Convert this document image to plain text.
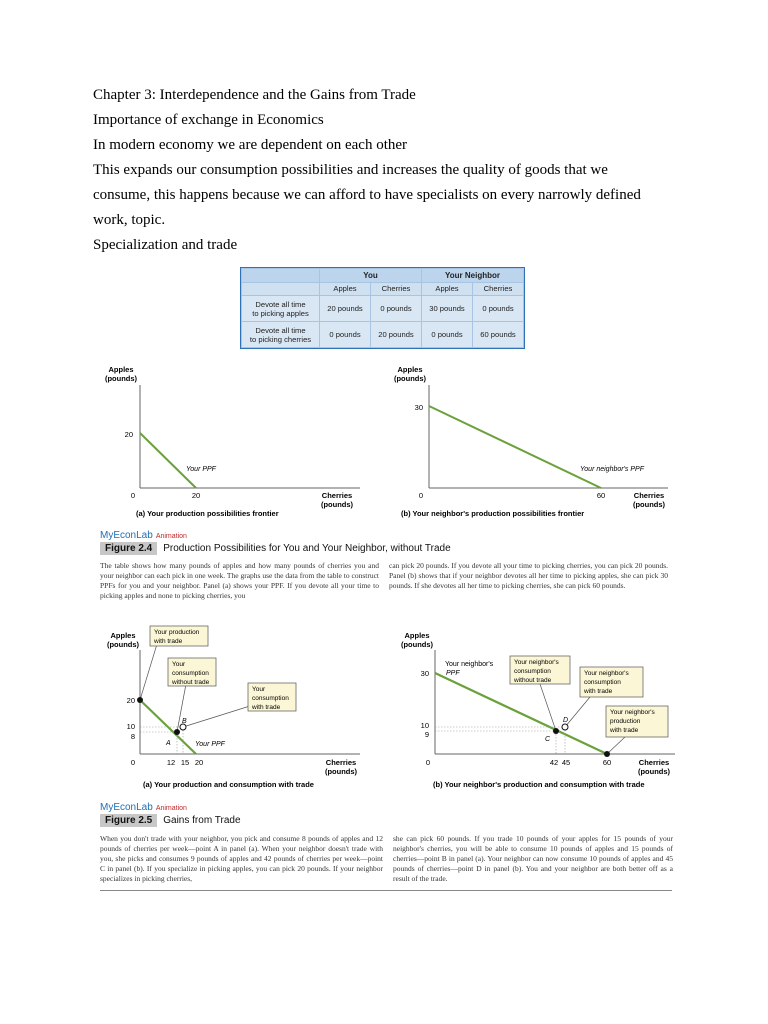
Chapter 3: Interdependence and the Gains from Trade
Importance of exchange in Economics
In modern economy we are dependent on each other
This expands our consumption possibilities and increases the quality of goods that we
consume, this happens because we can afford to have specialists on every narrowly defined
work, topic.
Specialization and trade
	You		Your Neighbor	
	Apples	Cherries	Apples	Cherries
Devote all time
to picking apples	20 pounds	0 pounds	30 pounds	0 pounds
Devote all time
to picking cherries	0 pounds	20 pounds	0 pounds	60 pounds
Apples
(pounds)
20
0	20	Cherries
(pounds)
Your PPF
(a) Your production possibilities frontier
Apples
(pounds)
30
0	60	Cherries
(pounds)
Your neighbor's PPF
(b) Your neighbor's production possibilities frontier
Apples
(pounds)
Your production
with trade
Your
consumption
without trade
Your
consumption
with trade
A
B
Your PPF
20
10
8
0	12 15 20	Cherries
(pounds)
(a) Your production and consumption with trade
Apples
(pounds)
Your neighbor's
PPF
Your neighbor's
consumption
without trade
Your neighbor's
consumption
with trade
Your neighbor's
production
with trade
C
D
30
10
9
0	42 45	60	Cherries
(pounds)
(b) Your neighbor's production and consumption with trade
MyEconLab Animation
Figure 2.4 Production Possibilities for You and Your Neighbor, without Trade
The table shows how many pounds of apples and how many pounds of cherries you and your neighbor can each pick in one week. The graphs use the data from the table to construct PPFs for you and your neighbor. Panel (a) shows your PPF. If you devote all your time to picking apples and none to picking cherries, you
can pick 20 pounds. If you devote all your time to picking cherries, you can pick 20 pounds. Panel (b) shows that if your neighbor devotes all her time to picking apples, she can pick 30 pounds. If she devotes all her time to picking cherries, she can pick 60 pounds.
MyEconLab Animation
Figure 2.5 Gains from Trade
When you don't trade with your neighbor, you pick and consume 8 pounds of apples and 12 pounds of cherries per week—point A in panel (a). When your neighbor doesn't trade with you, she picks and consumes 9 pounds of apples and 42 pounds of cherries per week—point C in panel (b). If you specialize in picking apples, you can pick 20 pounds. If your neighbor specializes in picking cherries,
she can pick 60 pounds. If you trade 10 pounds of your apples for 15 pounds of your neighbor's cherries, you will be able to consume 10 pounds of apples and 15 pounds of cherries—point B in panel (a). Your neighbor can now consume 10 pounds of apples and 45 pounds of cherries—point D in panel (b). You and your neighbor are both better off as a result of the trade.
